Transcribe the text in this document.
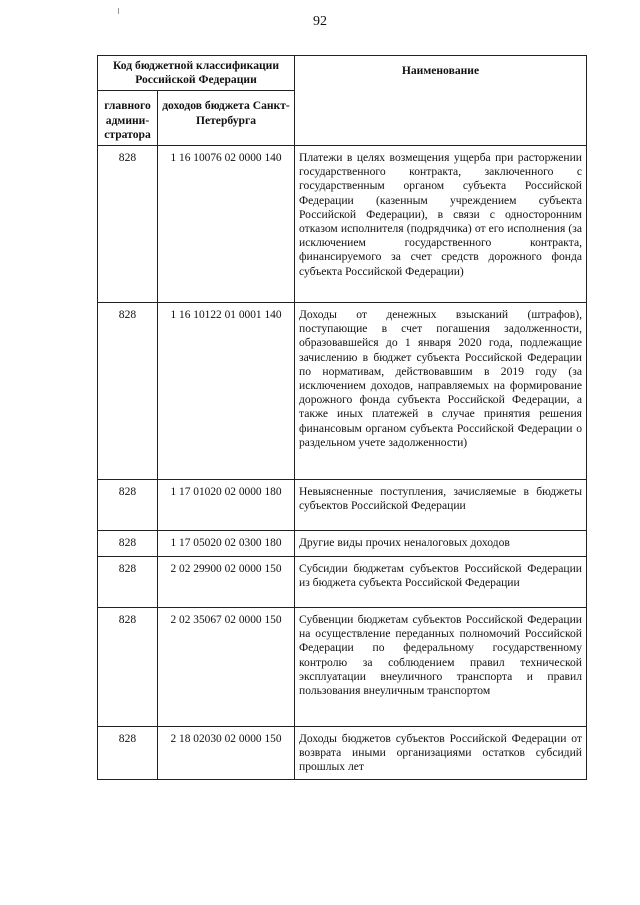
92
Код бюджетной классификации Российской Федерации		Наименование
главного админи-стратора	доходов бюджета Санкт-Петербурга	
828	1 16 10076 02 0000 140	Платежи в целях возмещения ущерба при расторжении государственного контракта, заключенного с государственным органом субъекта Российской Федерации (казенным учреждением субъекта Российской Федерации), в связи с односторонним отказом исполнителя (подрядчика) от его исполнения (за исключением государственного контракта, финансируемого за счет средств дорожного фонда субъекта Российской Федерации)
828	1 16 10122 01 0001 140	Доходы от денежных взысканий (штрафов), поступающие в счет погашения задолженности, образовавшейся до 1 января 2020 года, подлежащие зачислению в бюджет субъекта Российской Федерации по нормативам, действовавшим в 2019 году (за исключением доходов, направляемых на формирование дорожного фонда субъекта Российской Федерации, а также иных платежей в случае принятия решения финансовым органом субъекта Российской Федерации о раздельном учете задолженности)
828	1 17 01020 02 0000 180	Невыясненные поступления, зачисляемые в бюджеты субъектов Российской Федерации
828	1 17 05020 02 0300 180	Другие виды прочих неналоговых доходов
828	2 02 29900 02 0000 150	Субсидии бюджетам субъектов Российской Федерации из бюджета субъекта Российской Федерации
828	2 02 35067 02 0000 150	Субвенции бюджетам субъектов Российской Федерации на осуществление переданных полномочий Российской Федерации по федеральному государственному контролю за соблюдением правил технической эксплуатации внеуличного транспорта и правил пользования внеуличным транспортом
828	2 18 02030 02 0000 150	Доходы бюджетов субъектов Российской Федерации от возврата иными организациями остатков субсидий прошлых лет
